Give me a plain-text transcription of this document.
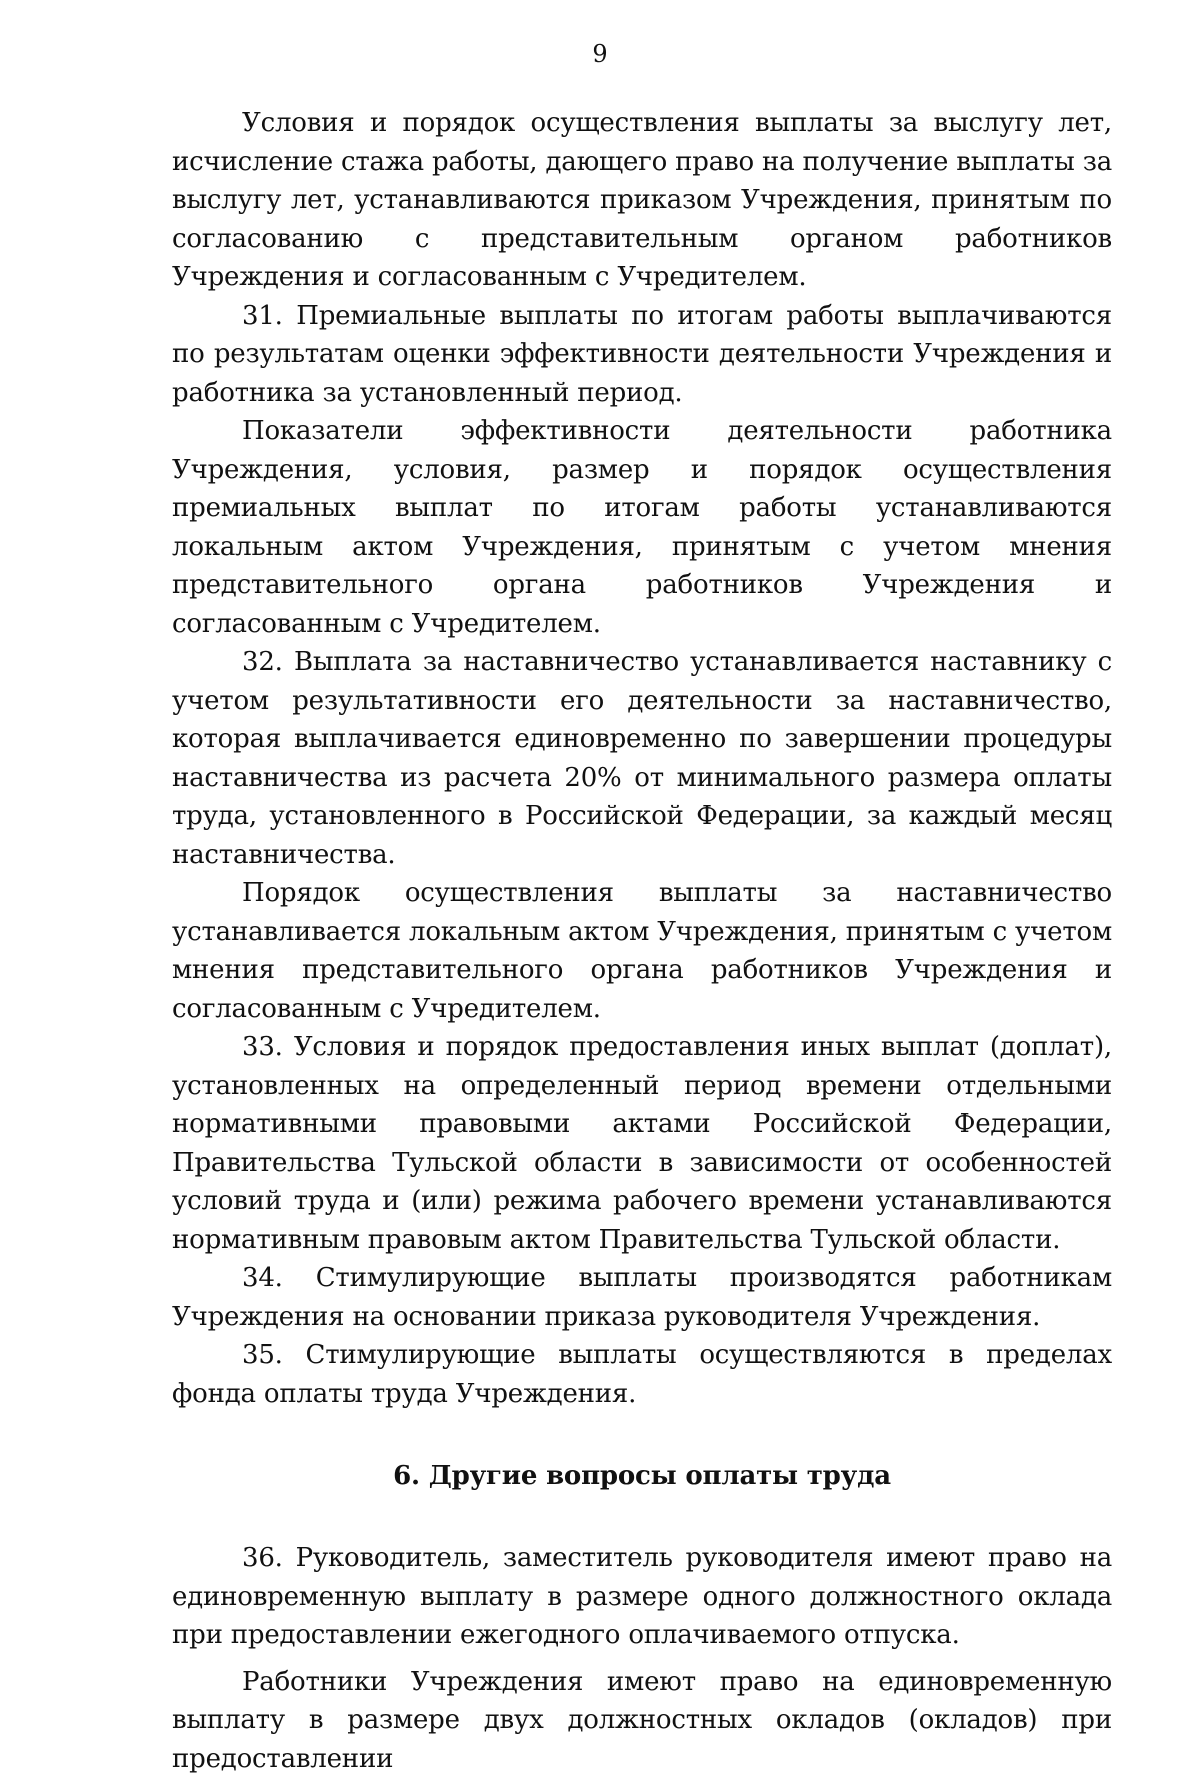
9

Условия и порядок осуществления выплаты за выслугу лет, исчисление стажа работы, дающего право на получение выплаты за выслугу лет, устанавливаются приказом Учреждения, принятым по согласованию с представительным органом работников Учреждения и согласованным с Учредителем.

31. Премиальные выплаты по итогам работы выплачиваются по результатам оценки эффективности деятельности Учреждения и работника за установленный период.

Показатели эффективности деятельности работника Учреждения, условия, размер и порядок осуществления премиальных выплат по итогам работы устанавливаются локальным актом Учреждения, принятым с учетом мнения представительного органа работников Учреждения и согласованным с Учредителем.

32. Выплата за наставничество устанавливается наставнику с учетом результативности его деятельности за наставничество, которая выплачивается единовременно по завершении процедуры наставничества из расчета 20% от минимального размера оплаты труда, установленного в Российской Федерации, за каждый месяц наставничества.

Порядок осуществления выплаты за наставничество устанавливается локальным актом Учреждения, принятым с учетом мнения представительного органа работников Учреждения и согласованным с Учредителем.

33. Условия и порядок предоставления иных выплат (доплат), установленных на определенный период времени отдельными нормативными правовыми актами Российской Федерации, Правительства Тульской области в зависимости от особенностей условий труда и (или) режима рабочего времени устанавливаются нормативным правовым актом Правительства Тульской области.

34. Стимулирующие выплаты производятся работникам Учреждения на основании приказа руководителя Учреждения.

35. Стимулирующие выплаты осуществляются в пределах фонда оплаты труда Учреждения.

6. Другие вопросы оплаты труда

36. Руководитель, заместитель руководителя имеют право на единовременную выплату в размере одного должностного оклада при предоставлении ежегодного оплачиваемого отпуска.

Работники Учреждения имеют право на единовременную выплату в размере двух должностных окладов (окладов) при предоставлении
